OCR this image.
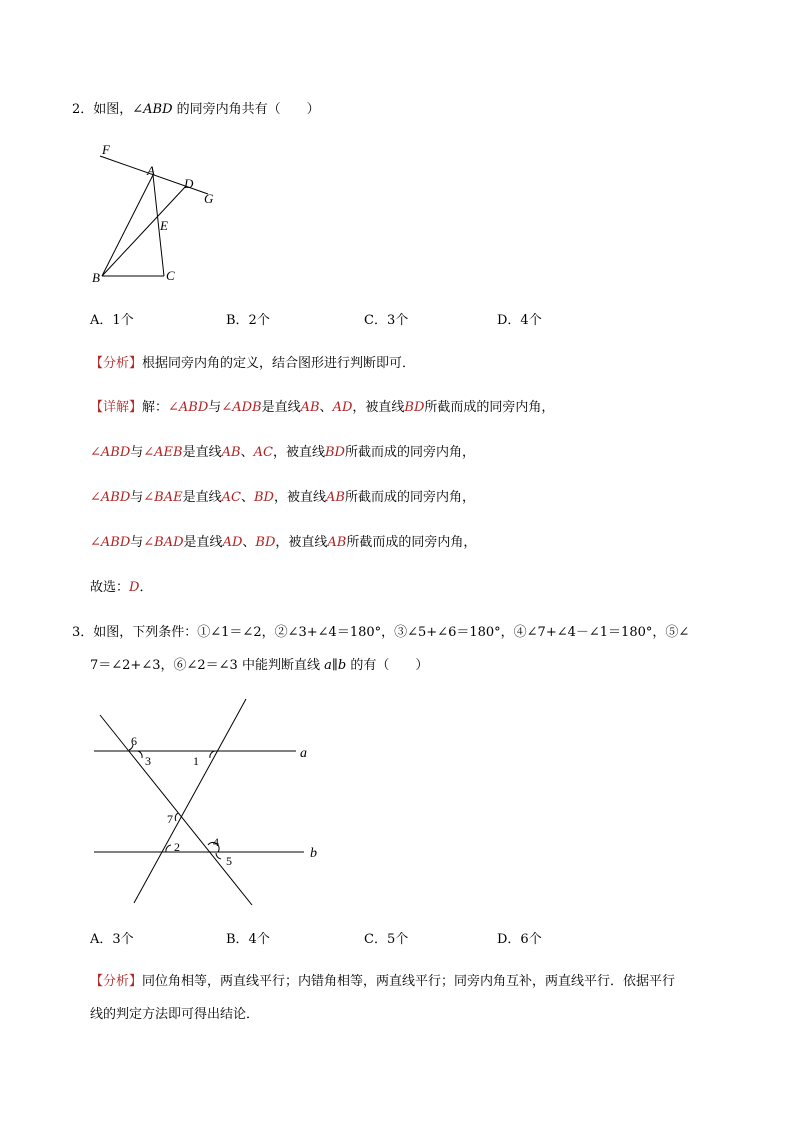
2．如图，∠ABD 的同旁内角共有（　　）
F
A
D
G
E
B	C
A．1个	B．2个	C．3个	D．4个
【分析】根据同旁内角的定义，结合图形进行判断即可．
【详解】解：∠ABD与∠ADB是直线AB、AD，被直线BD所截而成的同旁内角，
∠ABD与∠AEB是直线AB、AC，被直线BD所截而成的同旁内角，
∠ABD与∠BAE是直线AC、BD，被直线AB所截而成的同旁内角，
∠ABD与∠BAD是直线AD、BD，被直线AB所截而成的同旁内角，
故选：D．
3．如图，下列条件：①∠1＝∠2，②∠3+∠4＝180°，③∠5+∠6＝180°，④∠7+∠4－∠1＝180°，⑤∠
7＝∠2+∠3，⑥∠2＝∠3 中能判断直线 a∥b 的有（　　）
6
3	1	a
7
4
2
5	b
A．3个	B．4个	C．5个	D．6个
【分析】同位角相等，两直线平行；内错角相等，两直线平行；同旁内角互补，两直线平行．依据平行
线的判定方法即可得出结论．
